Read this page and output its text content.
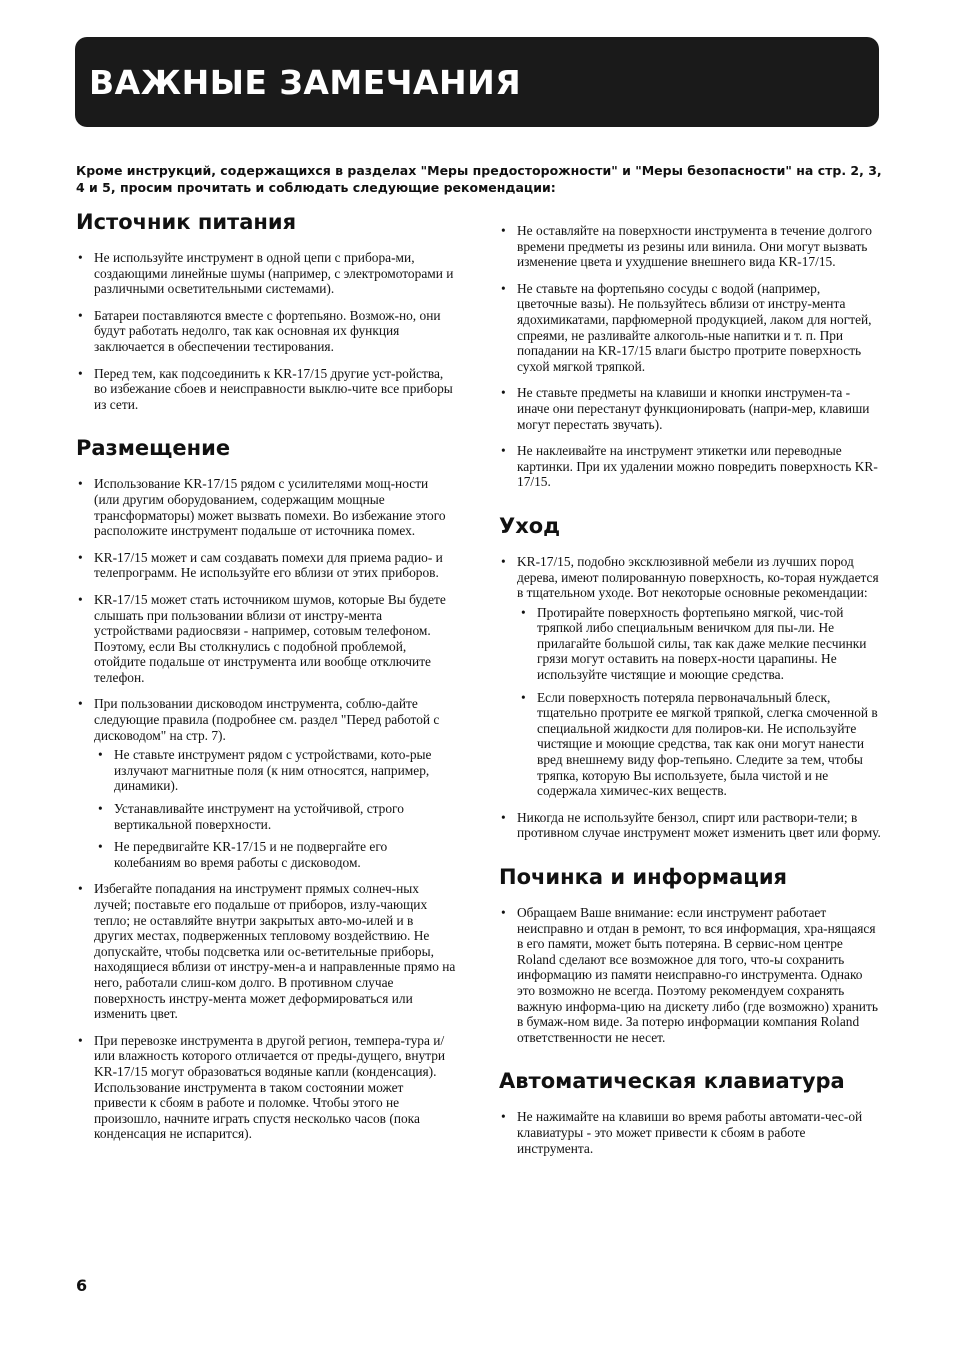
ВАЖНЫЕ ЗАМЕЧАНИЯ

Кроме инструкций, содержащихся в разделах "Меры предосторожности" и "Меры безопасности" на стр. 2, 3, 4 и 5, просим прочитать и соблюдать следующие рекомендации:

Источник питания
• Не используйте инструмент в одной цепи с прибора-ми, создающими линейные шумы (например, с электромоторами и различными осветительными системами).
• Батареи поставляются вместе с фортепьяно. Возмож-но, они будут работать недолго, так как основная их функция заключается в обеспечении тестирования.
• Перед тем, как подсоединить к KR-17/15 другие уст-ройства, во избежание сбоев и неисправности выклю-чите все приборы из сети.
Размещение
• Использование KR-17/15 рядом с усилителями мощ-ности (или другим оборудованием, содержащим мощные трансформаторы) может вызвать помехи. Во избежание этого расположите инструмент подальше от источника помех.
• KR-17/15 может и сам создавать помехи для приема радио- и телепрограмм. Не используйте его вблизи от этих приборов.
• KR-17/15 может стать источником шумов, которые Вы будете слышать при пользовании вблизи от инстру-мента устройствами радиосвязи - например, сотовым телефоном. Поэтому, если Вы столкнулись с подобной проблемой, отойдите подальше от инструмента или вообще отключите телефон.
• При пользовании дисководом инструмента, соблю-дайте следующие правила (подробнее см. раздел "Перед работой с дисководом" на стр. 7).
• Не ставьте инструмент рядом с устройствами, кото-рые излучают магнитные поля (к ним относятся, например, динамики).
• Устанавливайте инструмент на устойчивой, строго вертикальной поверхности.
• Не передвигайте KR-17/15 и не подвергайте его колебаниям во время работы с дисководом.
• Избегайте попадания на инструмент прямых солнеч-ных лучей; поставьте его подальше от приборов, излу-чающих тепло; не оставляйте внутри закрытых авто-мо-илей и в других местах, подверженных тепловому воздействию. Не допускайте, чтобы подсветка или ос-ветительные приборы, находящиеся вблизи от инстру-мен-а и направленные прямо на него, работали слиш-ком долго. В противном случае поверхность инстру-мента может деформироваться или изменить цвет.
• При перевозке инструмента в другой регион, темпера-тура и/или влажность которого отличается от преды-дущего, внутри KR-17/15 могут образоваться водяные капли (конденсация). Использование инструмента в таком состоянии может привести к сбоям в работе и поломке. Чтобы этого не произошло, начните играть спустя несколько часов (пока конденсация не испарится).
• Не оставляйте на поверхности инструмента в течение долгого времени предметы из резины или винила. Они могут вызвать изменение цвета и ухудшение внешнего вида KR-17/15.
• Не ставьте на фортепьяно сосуды с водой (например, цветочные вазы). Не пользуйтесь вблизи от инстру-мента ядохимикатами, парфюмерной продукцией, лаком для ногтей, спреями, не разливайте алкоголь-ные напитки и т. п. При попадании на KR-17/15 влаги быстро протрите поверхность сухой мягкой тряпкой.
• Не ставьте предметы на клавиши и кнопки инструмен-та - иначе они перестанут функционировать (напри-мер, клавиши могут перестать звучать).
• Не наклеивайте на инструмент этикетки или переводные картинки. При их удалении можно повредить поверхность KR-17/15.
Уход
• KR-17/15, подобно эксклюзивной мебели из лучших пород дерева, имеют полированную поверхность, ко-торая нуждается в тщательном уходе. Вот некоторые основные рекомендации:
• Протирайте поверхность фортепьяно мягкой, чис-той тряпкой либо специальным веничком для пы-ли. Не прилагайте большой силы, так как даже мелкие песчинки грязи могут оставить на поверх-ности царапины. Не используйте чистящие и моющие средства.
• Если поверхность потеряла первоначальный блеск, тщательно протрите ее мягкой тряпкой, слегка смоченной в специальной жидкости для полиров-ки. Не используйте чистящие и моющие средства, так как они могут нанести вред внешнему виду фор-тепьяно. Следите за тем, чтобы тряпка, которую Вы используете, была чистой и не содержала химичес-ких веществ.
• Никогда не используйте бензол, спирт или раствори-тели; в противном случае инструмент может изменить цвет или форму.
Починка и информация
• Обращаем Ваше внимание: если инструмент работает неисправно и отдан в ремонт, то вся информация, хра-нящаяся в его памяти, может быть потеряна. В сервис-ном центре Roland сделают все возможное для того, что-ы сохранить информацию из памяти неисправно-го инструмента. Однако это возможно не всегда. Поэтому рекомендуем сохранять важную информа-цию на дискету либо (где возможно) хранить в бумаж-ном виде. За потерю информации компания Roland ответственности не несет.
Автоматическая клавиатура
• Не нажимайте на клавиши во время работы автомати-чес-ой клавиатуры - это может привести к сбоям в работе инструмента.
6
